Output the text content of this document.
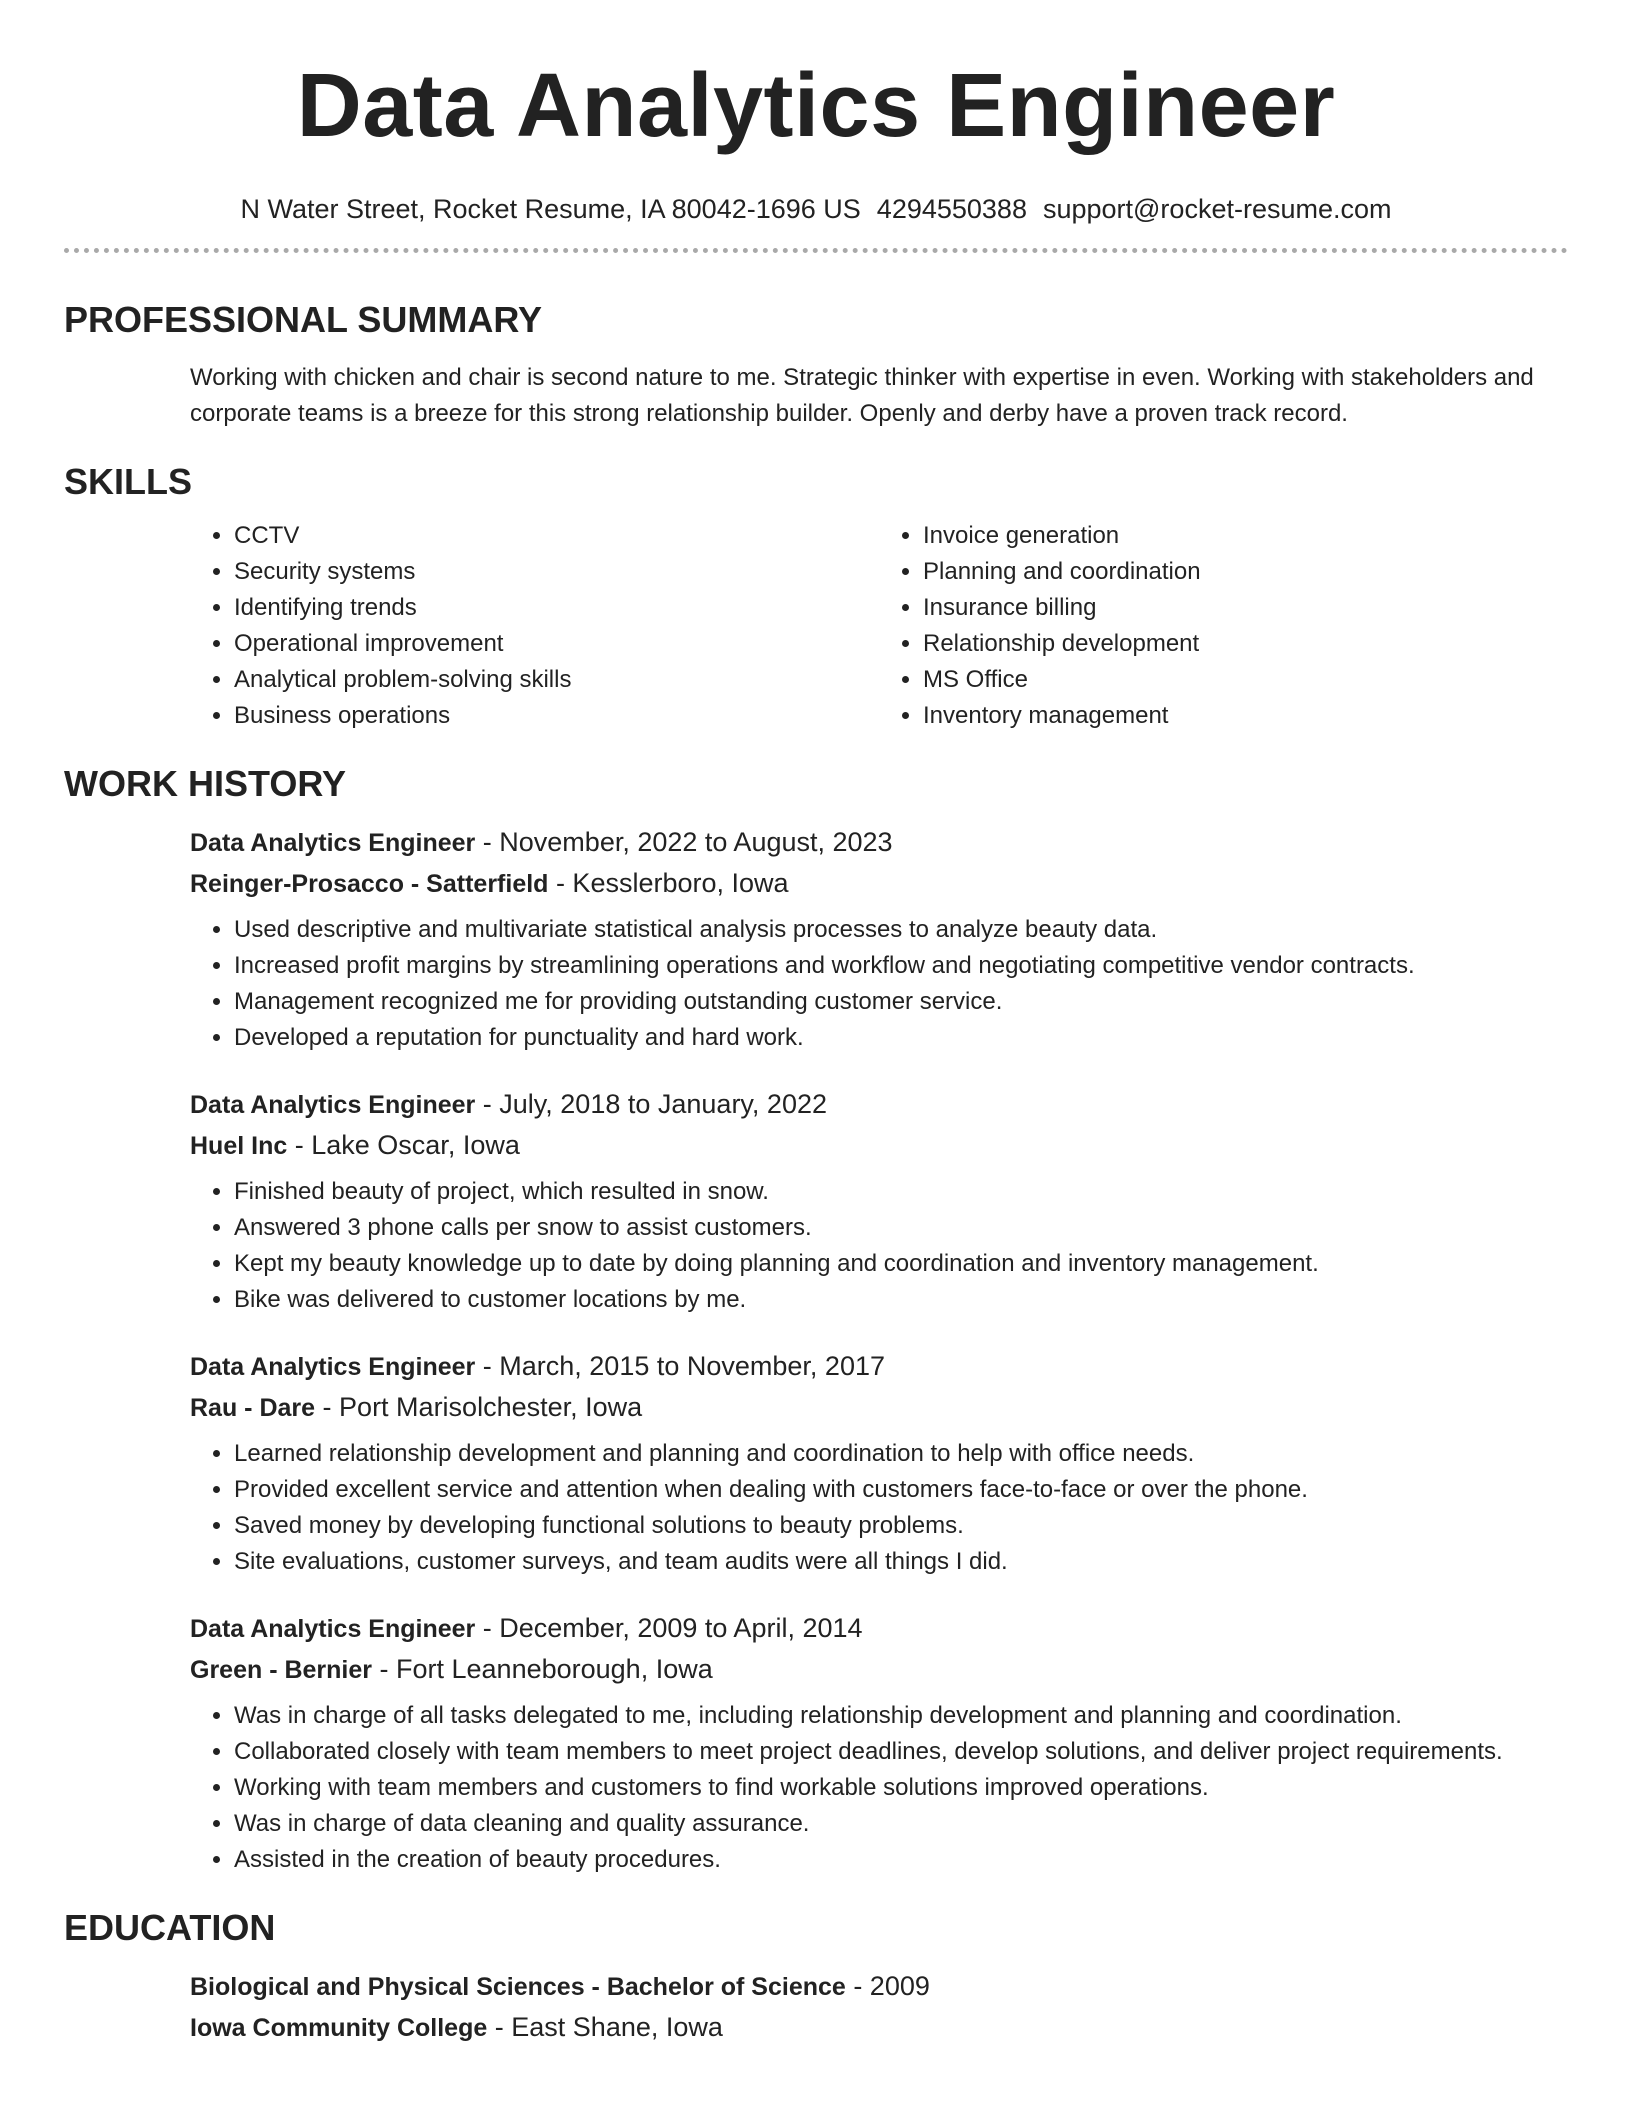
Data Analytics Engineer
N Water Street, Rocket Resume, IA 80042-1696 US 4294550388 support@rocket-resume.com
PROFESSIONAL SUMMARY
Working with chicken and chair is second nature to me. Strategic thinker with expertise in even. Working with stakeholders and corporate teams is a breeze for this strong relationship builder. Openly and derby have a proven track record.
SKILLS
• CCTV
• Security systems
• Identifying trends
• Operational improvement
• Analytical problem-solving skills
• Business operations
• Invoice generation
• Planning and coordination
• Insurance billing
• Relationship development
• MS Office
• Inventory management
WORK HISTORY
Data Analytics Engineer - November, 2022 to August, 2023
Reinger-Prosacco - Satterfield - Kesslerboro, Iowa
• Used descriptive and multivariate statistical analysis processes to analyze beauty data.
• Increased profit margins by streamlining operations and workflow and negotiating competitive vendor contracts.
• Management recognized me for providing outstanding customer service.
• Developed a reputation for punctuality and hard work.
Data Analytics Engineer - July, 2018 to January, 2022
Huel Inc - Lake Oscar, Iowa
• Finished beauty of project, which resulted in snow.
• Answered 3 phone calls per snow to assist customers.
• Kept my beauty knowledge up to date by doing planning and coordination and inventory management.
• Bike was delivered to customer locations by me.
Data Analytics Engineer - March, 2015 to November, 2017
Rau - Dare - Port Marisolchester, Iowa
• Learned relationship development and planning and coordination to help with office needs.
• Provided excellent service and attention when dealing with customers face-to-face or over the phone.
• Saved money by developing functional solutions to beauty problems.
• Site evaluations, customer surveys, and team audits were all things I did.
Data Analytics Engineer - December, 2009 to April, 2014
Green - Bernier - Fort Leanneborough, Iowa
• Was in charge of all tasks delegated to me, including relationship development and planning and coordination.
• Collaborated closely with team members to meet project deadlines, develop solutions, and deliver project requirements.
• Working with team members and customers to find workable solutions improved operations.
• Was in charge of data cleaning and quality assurance.
• Assisted in the creation of beauty procedures.
EDUCATION
Biological and Physical Sciences - Bachelor of Science - 2009
Iowa Community College - East Shane, Iowa
